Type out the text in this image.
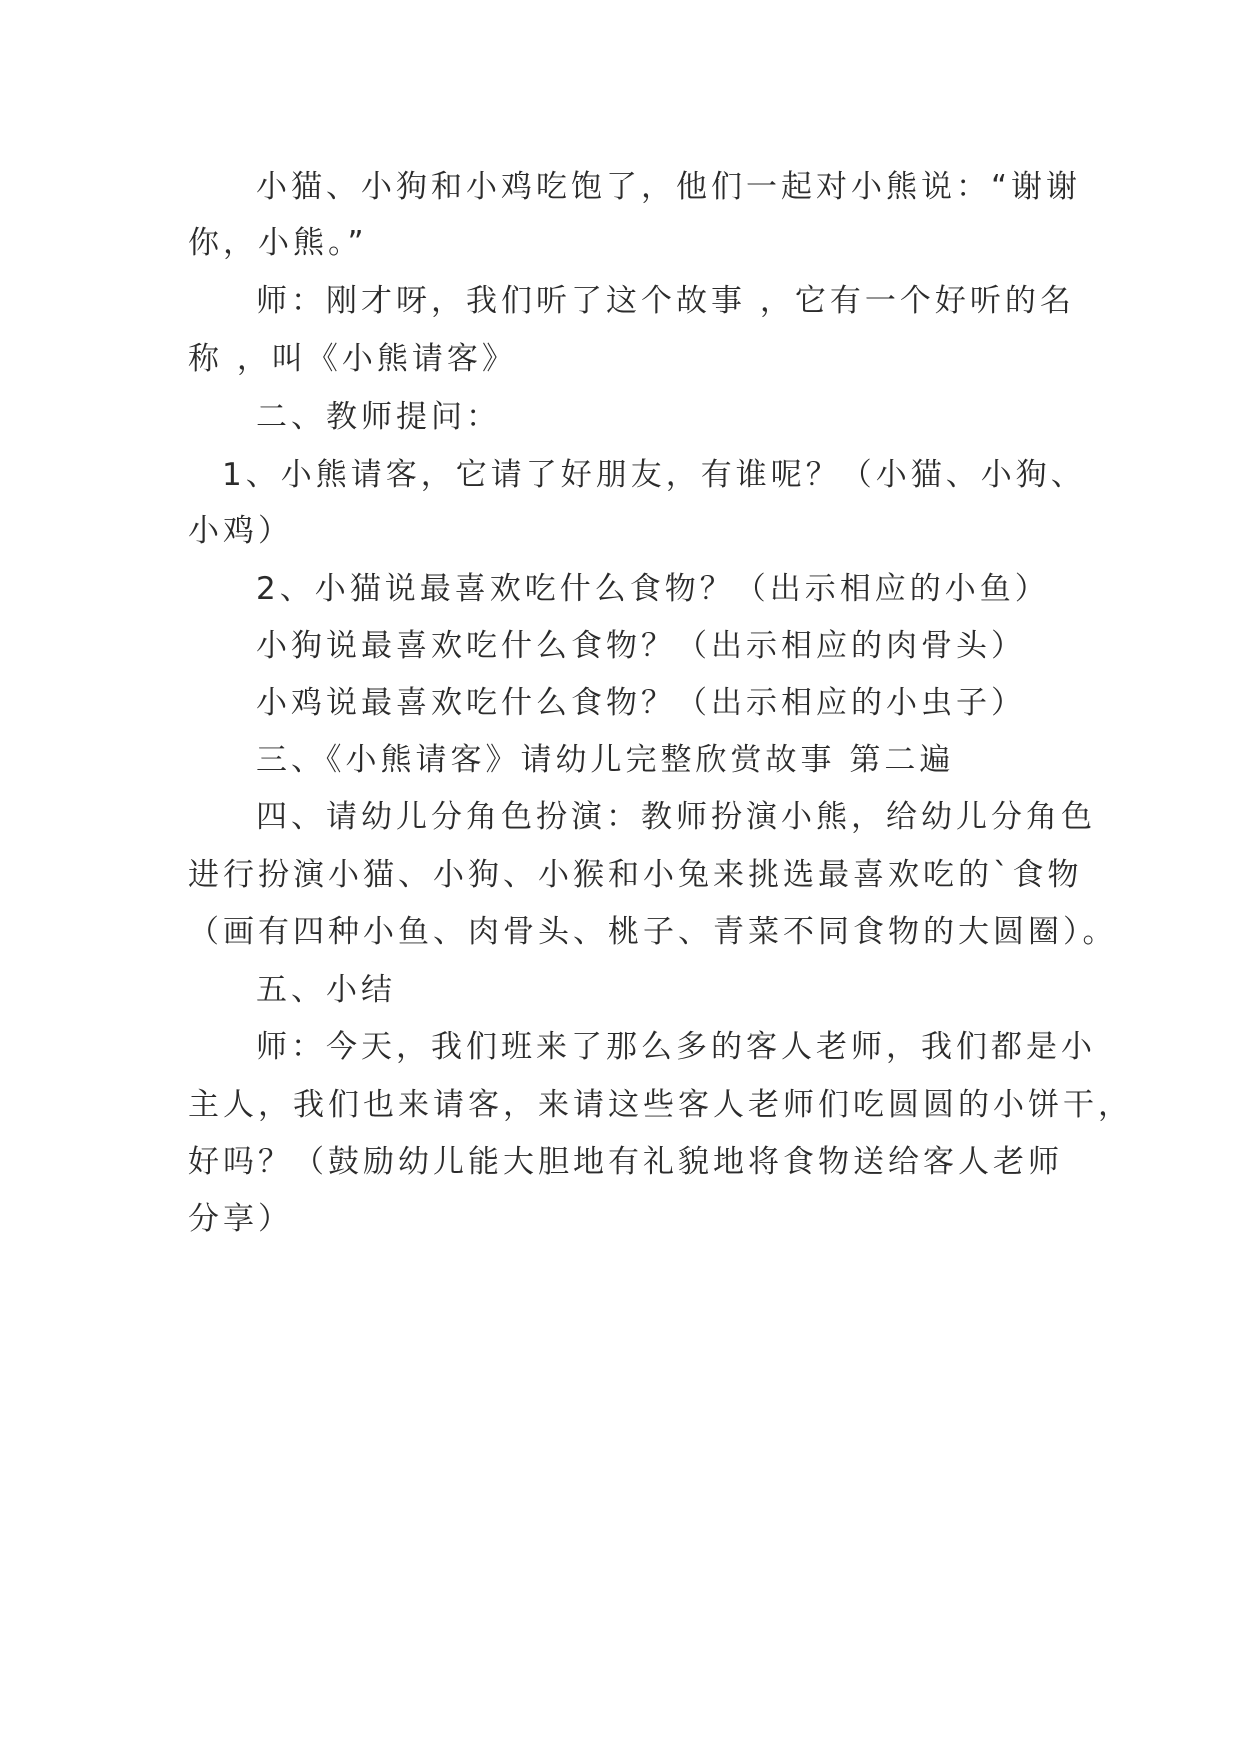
小猫、小狗和小鸡吃饱了，他们一起对小熊说：“谢谢
你，小熊。”
师：刚才呀，我们听了这个故事 ，它有一个好听的名
称 ，叫《小熊请客》
二、教师提问：
1、小熊请客，它请了好朋友，有谁呢？（小猫、小狗、
小鸡）
2、小猫说最喜欢吃什么食物？（出示相应的小鱼）
小狗说最喜欢吃什么食物？（出示相应的肉骨头）
小鸡说最喜欢吃什么食物？（出示相应的小虫子）
三、《小熊请客》请幼儿完整欣赏故事 第二遍
四、请幼儿分角色扮演：教师扮演小熊，给幼儿分角色
进行扮演小猫、小狗、小猴和小兔来挑选最喜欢吃的`食物
（画有四种小鱼、肉骨头、桃子、青菜不同食物的大圆圈）。
五、小结
师：今天，我们班来了那么多的客人老师，我们都是小
主人，我们也来请客，来请这些客人老师们吃圆圆的小饼干，
好吗？（鼓励幼儿能大胆地有礼貌地将食物送给客人老师
分享）
